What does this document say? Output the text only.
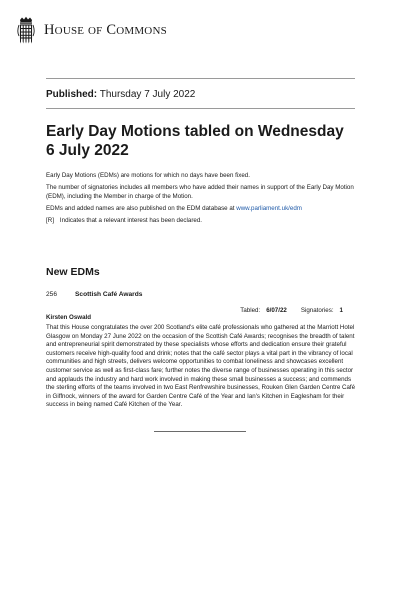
HOUSE OF COMMONS
Published: Thursday 7 July 2022
Early Day Motions tabled on Wednesday 6 July 2022

Early Day Motions (EDMs) are motions for which no days have been fixed.

The number of signatories includes all members who have added their names in support of the Early Day Motion (EDM), including the Member in charge of the Motion.

EDMs and added names are also published on the EDM database at www.parliament.uk/edm

[R] Indicates that a relevant interest has been declared.

New EDMs
256	Scottish Café Awards
Tabled: 6/07/22 Signatories: 1
Kirsten Oswald

That this House congratulates the over 200 Scotland's elite café professionals who gathered at the Marriott Hotel Glasgow on Monday 27 June 2022 on the occasion of the Scottish Café Awards; recognises the breadth of talent and entrepreneurial spirit demonstrated by these specialists whose efforts and dedication ensure their grateful customers receive high-quality food and drink; notes that the café sector plays a vital part in the vibrancy of local communities and high streets, delivers welcome opportunities to combat loneliness and showcases excellent customer service as well as first-class fare; further notes the diverse range of businesses operating in this sector and applauds the industry and hard work involved in making these small businesses a success; and commends the sterling efforts of the teams involved in two East Renfrewshire businesses, Rouken Glen Garden Centre Café in Giffnock, winners of the award for Garden Centre Café of the Year and Ian's Kitchen in Eaglesham for their success in being named Café Kitchen of the Year.
